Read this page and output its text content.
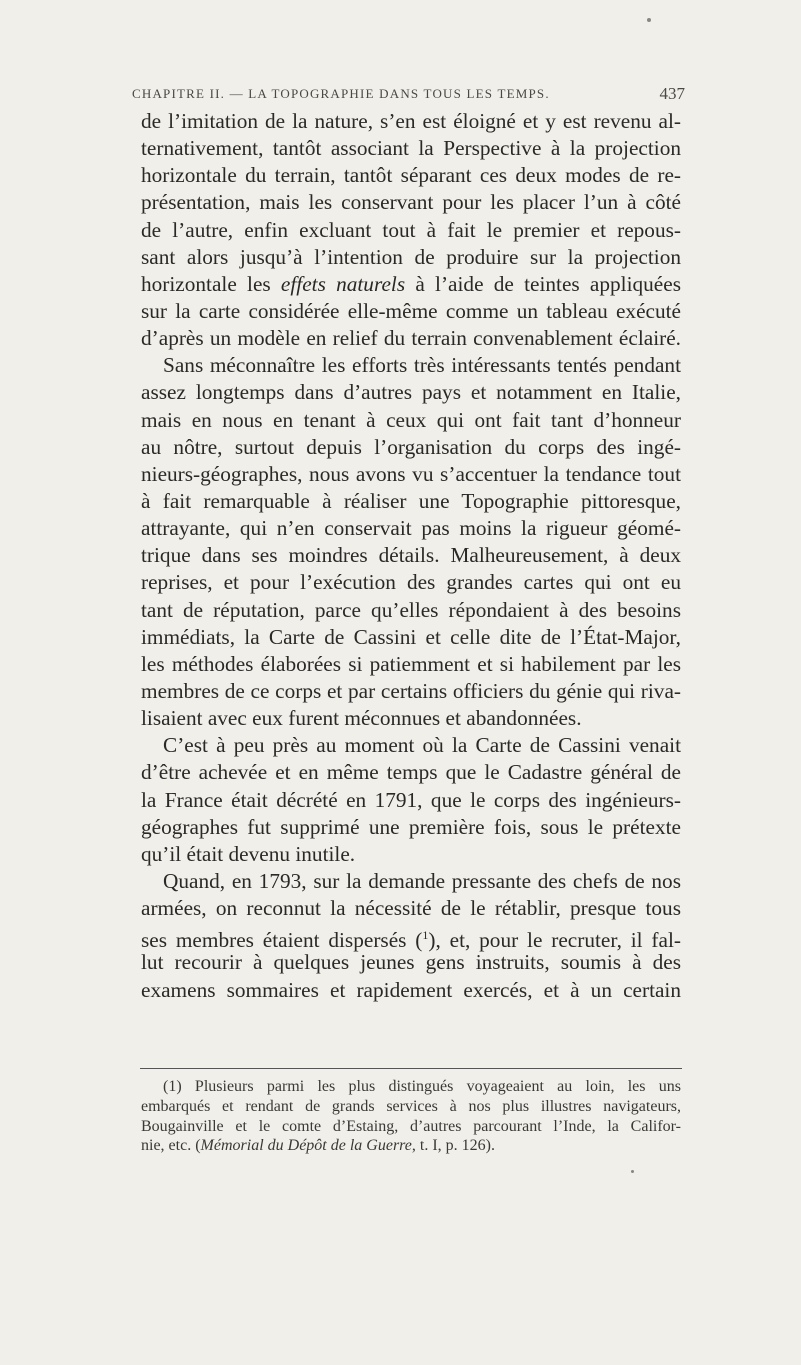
CHAPITRE II. — LA TOPOGRAPHIE DANS TOUS LES TEMPS.	437
de l’imitation de la nature, s’en est éloigné et y est revenu al-
ternativement, tantôt associant la Perspective à la projection
horizontale du terrain, tantôt séparant ces deux modes de re-
présentation, mais les conservant pour les placer l’un à côté
de l’autre, enfin excluant tout à fait le premier et repous-
sant alors jusqu’à l’intention de produire sur la projection
horizontale les effets naturels à l’aide de teintes appliquées
sur la carte considérée elle-même comme un tableau exécuté
d’après un modèle en relief du terrain convenablement éclairé.
Sans méconnaître les efforts très intéressants tentés pendant
assez longtemps dans d’autres pays et notamment en Italie,
mais en nous en tenant à ceux qui ont fait tant d’honneur
au nôtre, surtout depuis l’organisation du corps des ingé-
nieurs-géographes, nous avons vu s’accentuer la tendance tout
à fait remarquable à réaliser une Topographie pittoresque,
attrayante, qui n’en conservait pas moins la rigueur géomé-
trique dans ses moindres détails. Malheureusement, à deux
reprises, et pour l’exécution des grandes cartes qui ont eu
tant de réputation, parce qu’elles répondaient à des besoins
immédiats, la Carte de Cassini et celle dite de l’État-Major,
les méthodes élaborées si patiemment et si habilement par les
membres de ce corps et par certains officiers du génie qui riva-
lisaient avec eux furent méconnues et abandonnées.
C’est à peu près au moment où la Carte de Cassini venait
d’être achevée et en même temps que le Cadastre général de
la France était décrété en 1791, que le corps des ingénieurs-
géographes fut supprimé une première fois, sous le prétexte
qu’il était devenu inutile.
Quand, en 1793, sur la demande pressante des chefs de nos
armées, on reconnut la nécessité de le rétablir, presque tous
ses membres étaient dispersés ($^1$), et, pour le recruter, il fal-
lut recourir à quelques jeunes gens instruits, soumis à des
examens sommaires et rapidement exercés, et à un certain
(1) Plusieurs parmi les plus distingués voyageaient au loin, les uns
embarqués et rendant de grands services à nos plus illustres navigateurs,
Bougainville et le comte d’Estaing, d’autres parcourant l’Inde, la Califor-
nie, etc. (Mémorial du Dépôt de la Guerre, t. I, p. 126).
